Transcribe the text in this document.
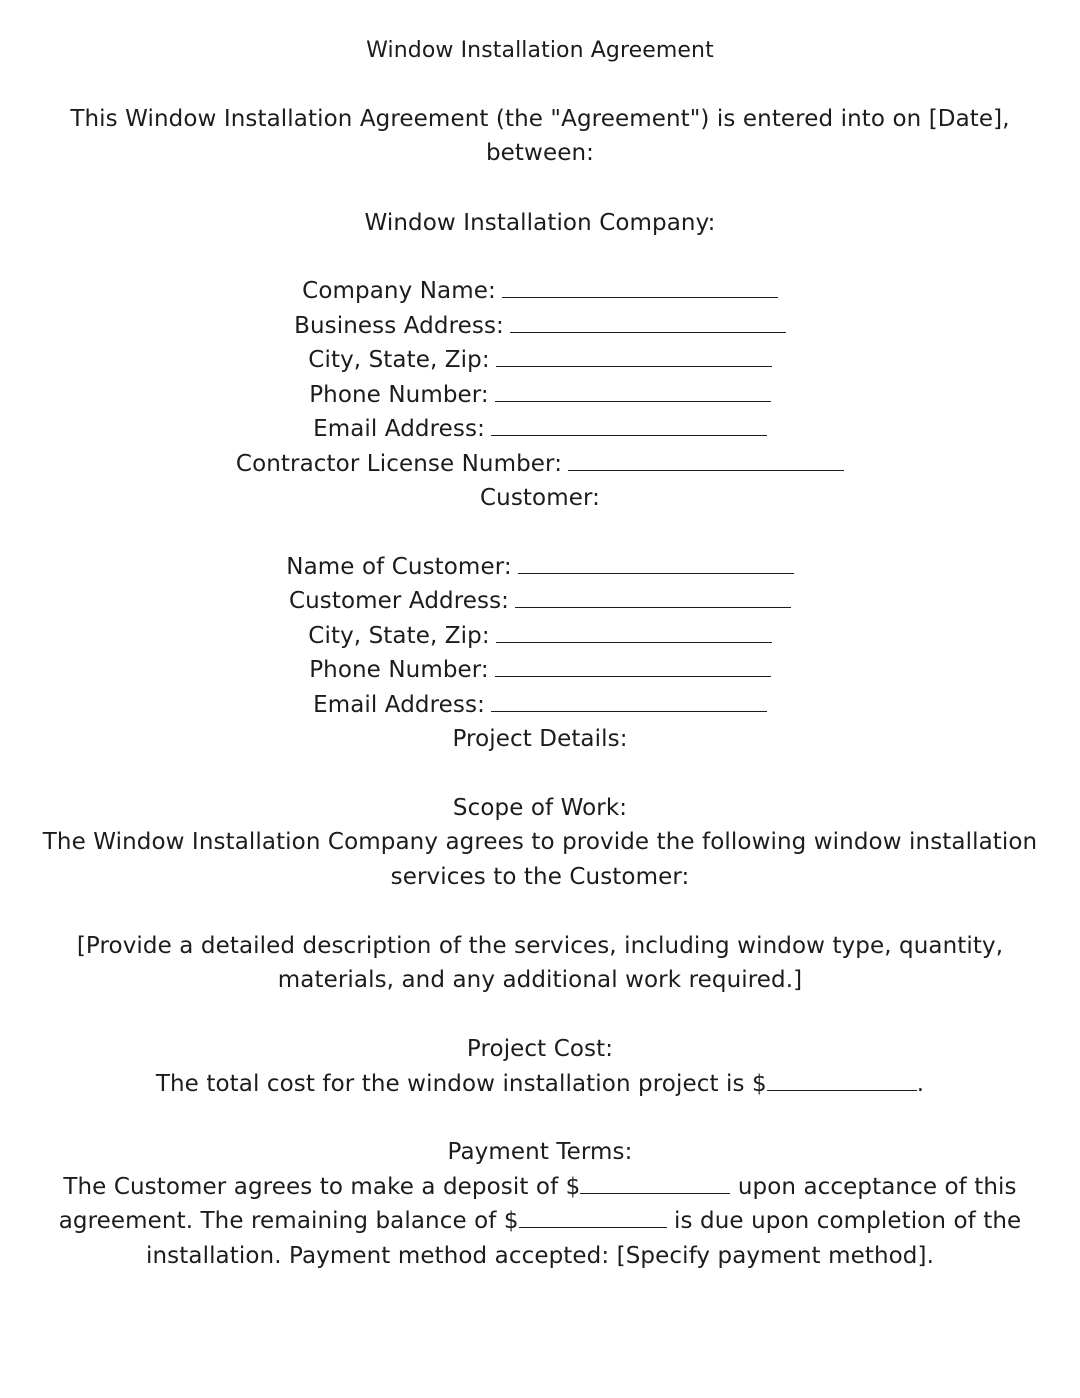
Window Installation Agreement
This Window Installation Agreement (the "Agreement") is entered into on [Date],
between:
Window Installation Company:
Company Name:
Business Address:
City, State, Zip:
Phone Number:
Email Address:
Contractor License Number:
Customer:
Name of Customer:
Customer Address:
City, State, Zip:
Phone Number:
Email Address:
Project Details:
Scope of Work:
The Window Installation Company agrees to provide the following window installation
services to the Customer:
[Provide a detailed description of the services, including window type, quantity,
materials, and any additional work required.]
Project Cost:
The total cost for the window installation project is $	.
Payment Terms:
The Customer agrees to make a deposit of $	upon acceptance of this
agreement. The remaining balance of $	is due upon completion of the
installation. Payment method accepted: [Specify payment method].
